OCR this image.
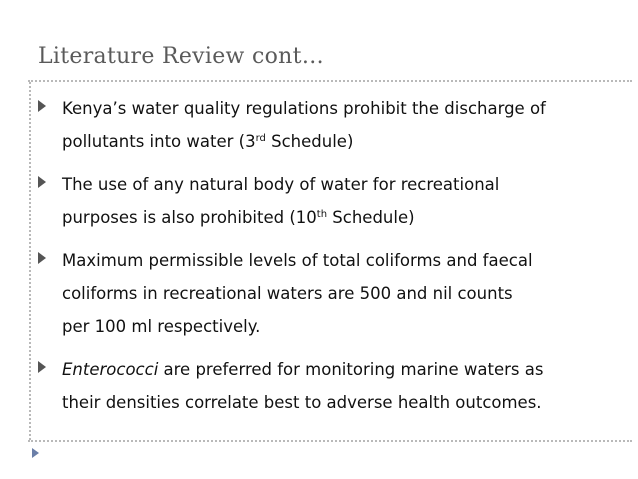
Literature Review cont…
Kenya’s water quality regulations prohibit the discharge of
pollutants into water (3rd Schedule)
The use of any natural body of water for recreational
purposes is also prohibited (10th Schedule)
Maximum permissible levels of total coliforms and faecal
coliforms in recreational waters are 500 and nil counts
per 100 ml respectively.
Enterococci are preferred for monitoring marine waters as
their densities correlate best to adverse health outcomes.
